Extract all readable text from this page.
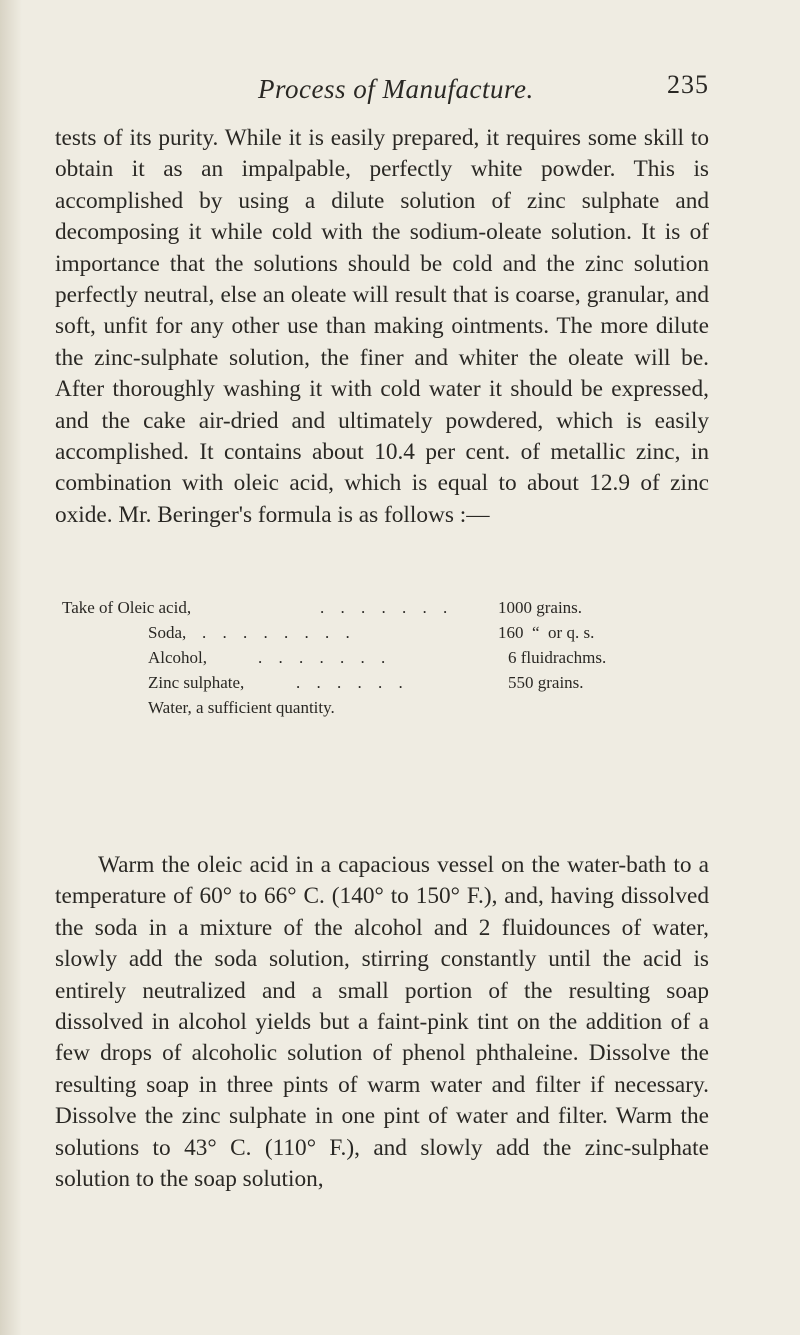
Process of Manufacture.	235

tests of its purity. While it is easily prepared, it requires some skill to obtain it as an impalpable, perfectly white powder. This is accomplished by using a dilute solution of zinc sulphate and decomposing it while cold with the sodium-oleate solution. It is of importance that the solutions should be cold and the zinc solution perfectly neutral, else an oleate will result that is coarse, granular, and soft, unfit for any other use than making ointments. The more dilute the zinc-sulphate solution, the finer and whiter the oleate will be. After thoroughly washing it with cold water it should be expressed, and the cake air-dried and ultimately powdered, which is easily accomplished. It contains about 10.4 per cent. of metallic zinc, in combination with oleic acid, which is equal to about 12.9 of zinc oxide. Mr. Beringer's formula is as follows :—

Take of Oleic acid,	. . . . . . .	1000 grains.
Soda, . . . . . . . .	160  “  or q. s.
Alcohol,	. . . . . . .	6 fluidrachms.
Zinc sulphate,	. . . . . .	550 grains.
Water, a sufficient quantity.

Warm the oleic acid in a capacious vessel on the water-bath to a temperature of 60° to 66° C. (140° to 150° F.), and, having dissolved the soda in a mixture of the alcohol and 2 fluidounces of water, slowly add the soda solution, stirring constantly until the acid is entirely neutralized and a small portion of the resulting soap dissolved in alcohol yields but a faint-pink tint on the addition of a few drops of alcoholic solution of phenol phthaleine. Dissolve the resulting soap in three pints of warm water and filter if necessary. Dissolve the zinc sulphate in one pint of water and filter. Warm the solutions to 43° C. (110° F.), and slowly add the zinc-sulphate solution to the soap solution,
